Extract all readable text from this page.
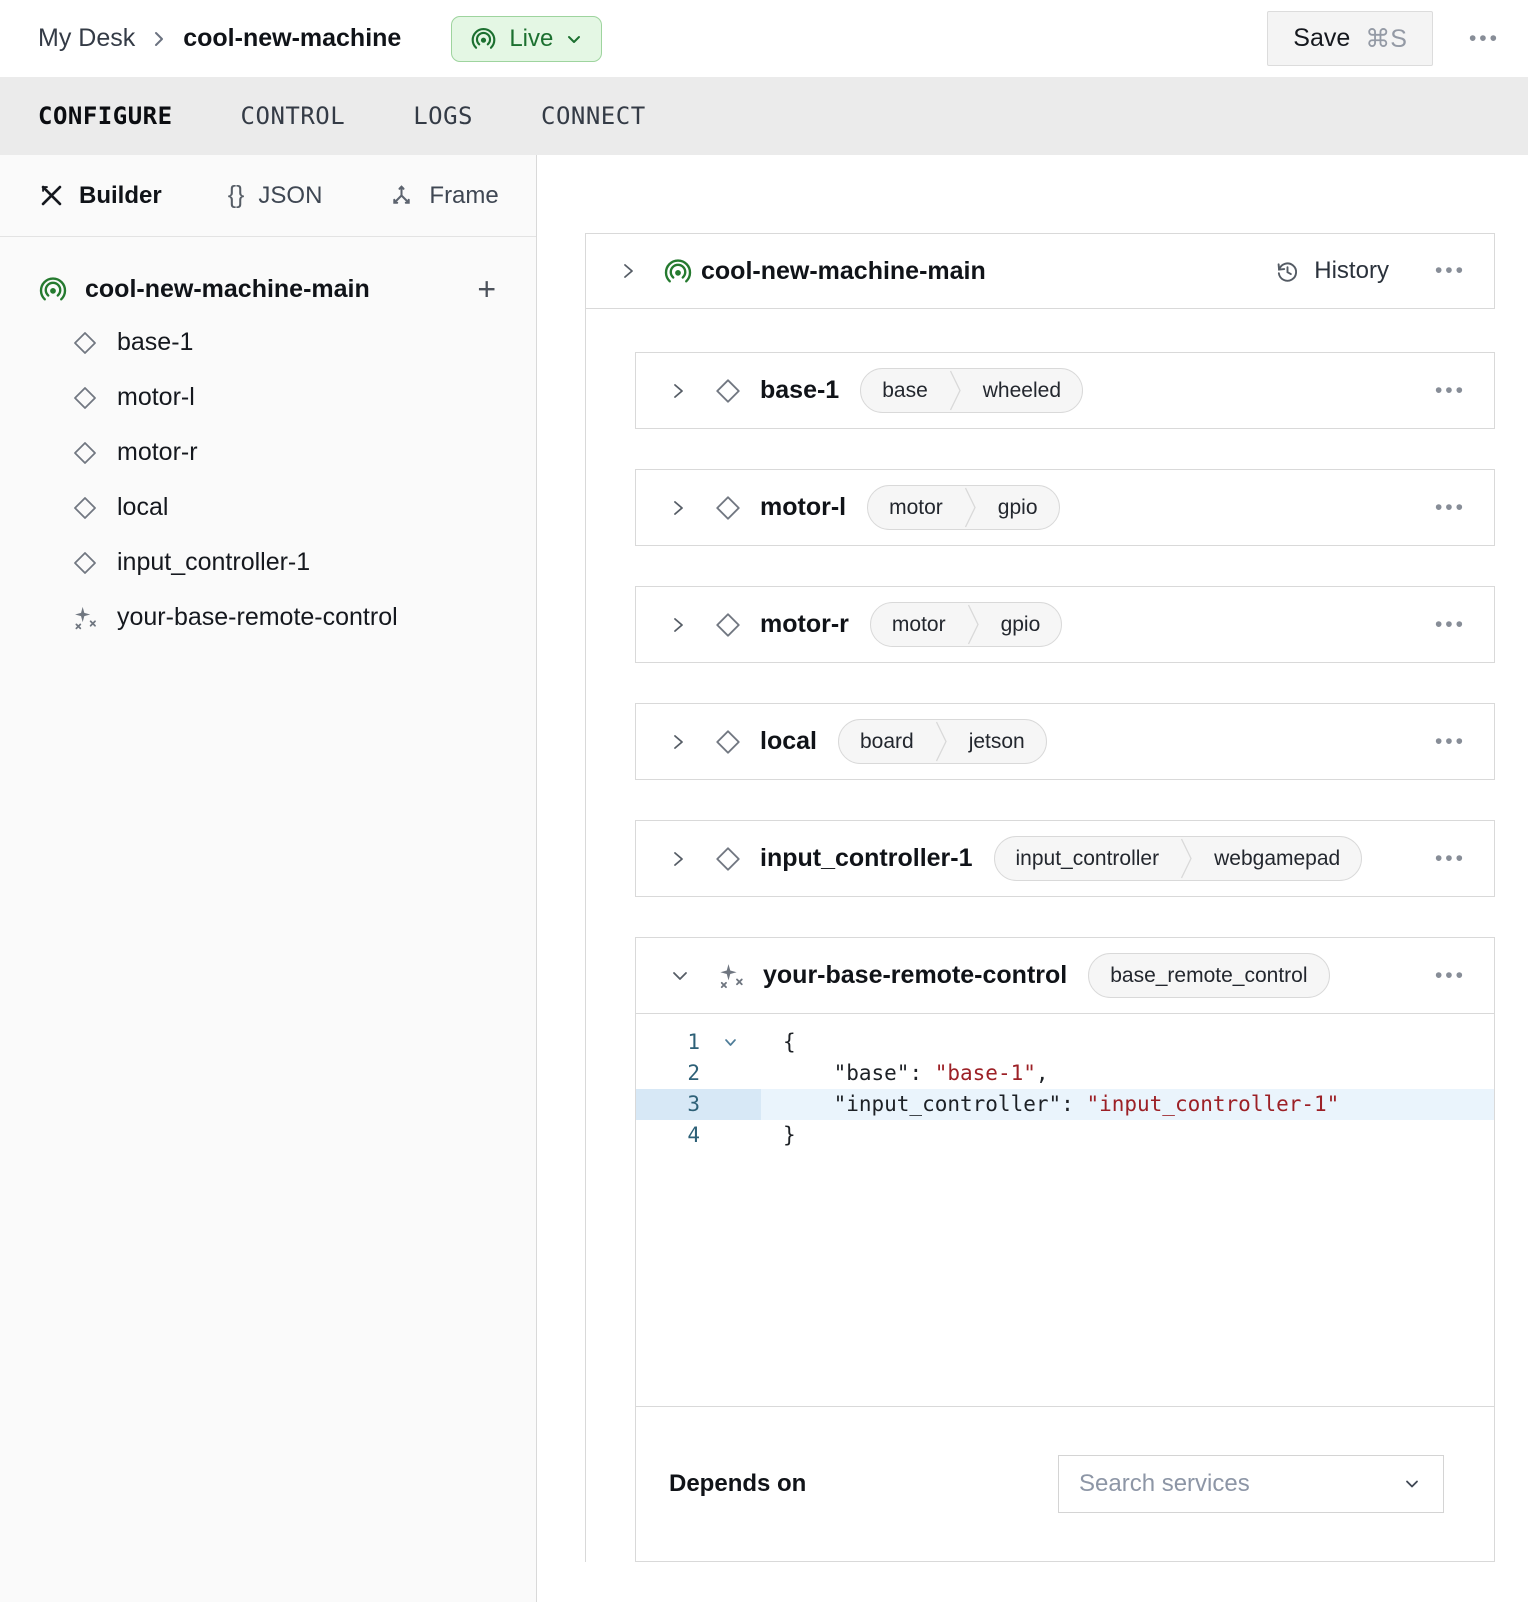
My Desk cool-new-machine	Live	Save ⌘S	•••
CONFIGURE	CONTROL	LOGS	CONNECT
Builder	{} JSON	Frame
cool-new-machine-main	+
base-1
motor-l
motor-r
local
input_controller-1
your-base-remote-control
cool-new-machine-main	History •••
base-1	base	wheeled	•••
motor-l	motor	gpio	•••
motor-r	motor	gpio	•••
local	board	jetson	•••
input_controller-1	input_controller	webgamepad	•••
your-base-remote-control	base_remote_control	•••
1	{
2	"base": "base-1",
3	"input_controller": "input_controller-1"
4	}
Depends on	Search services
